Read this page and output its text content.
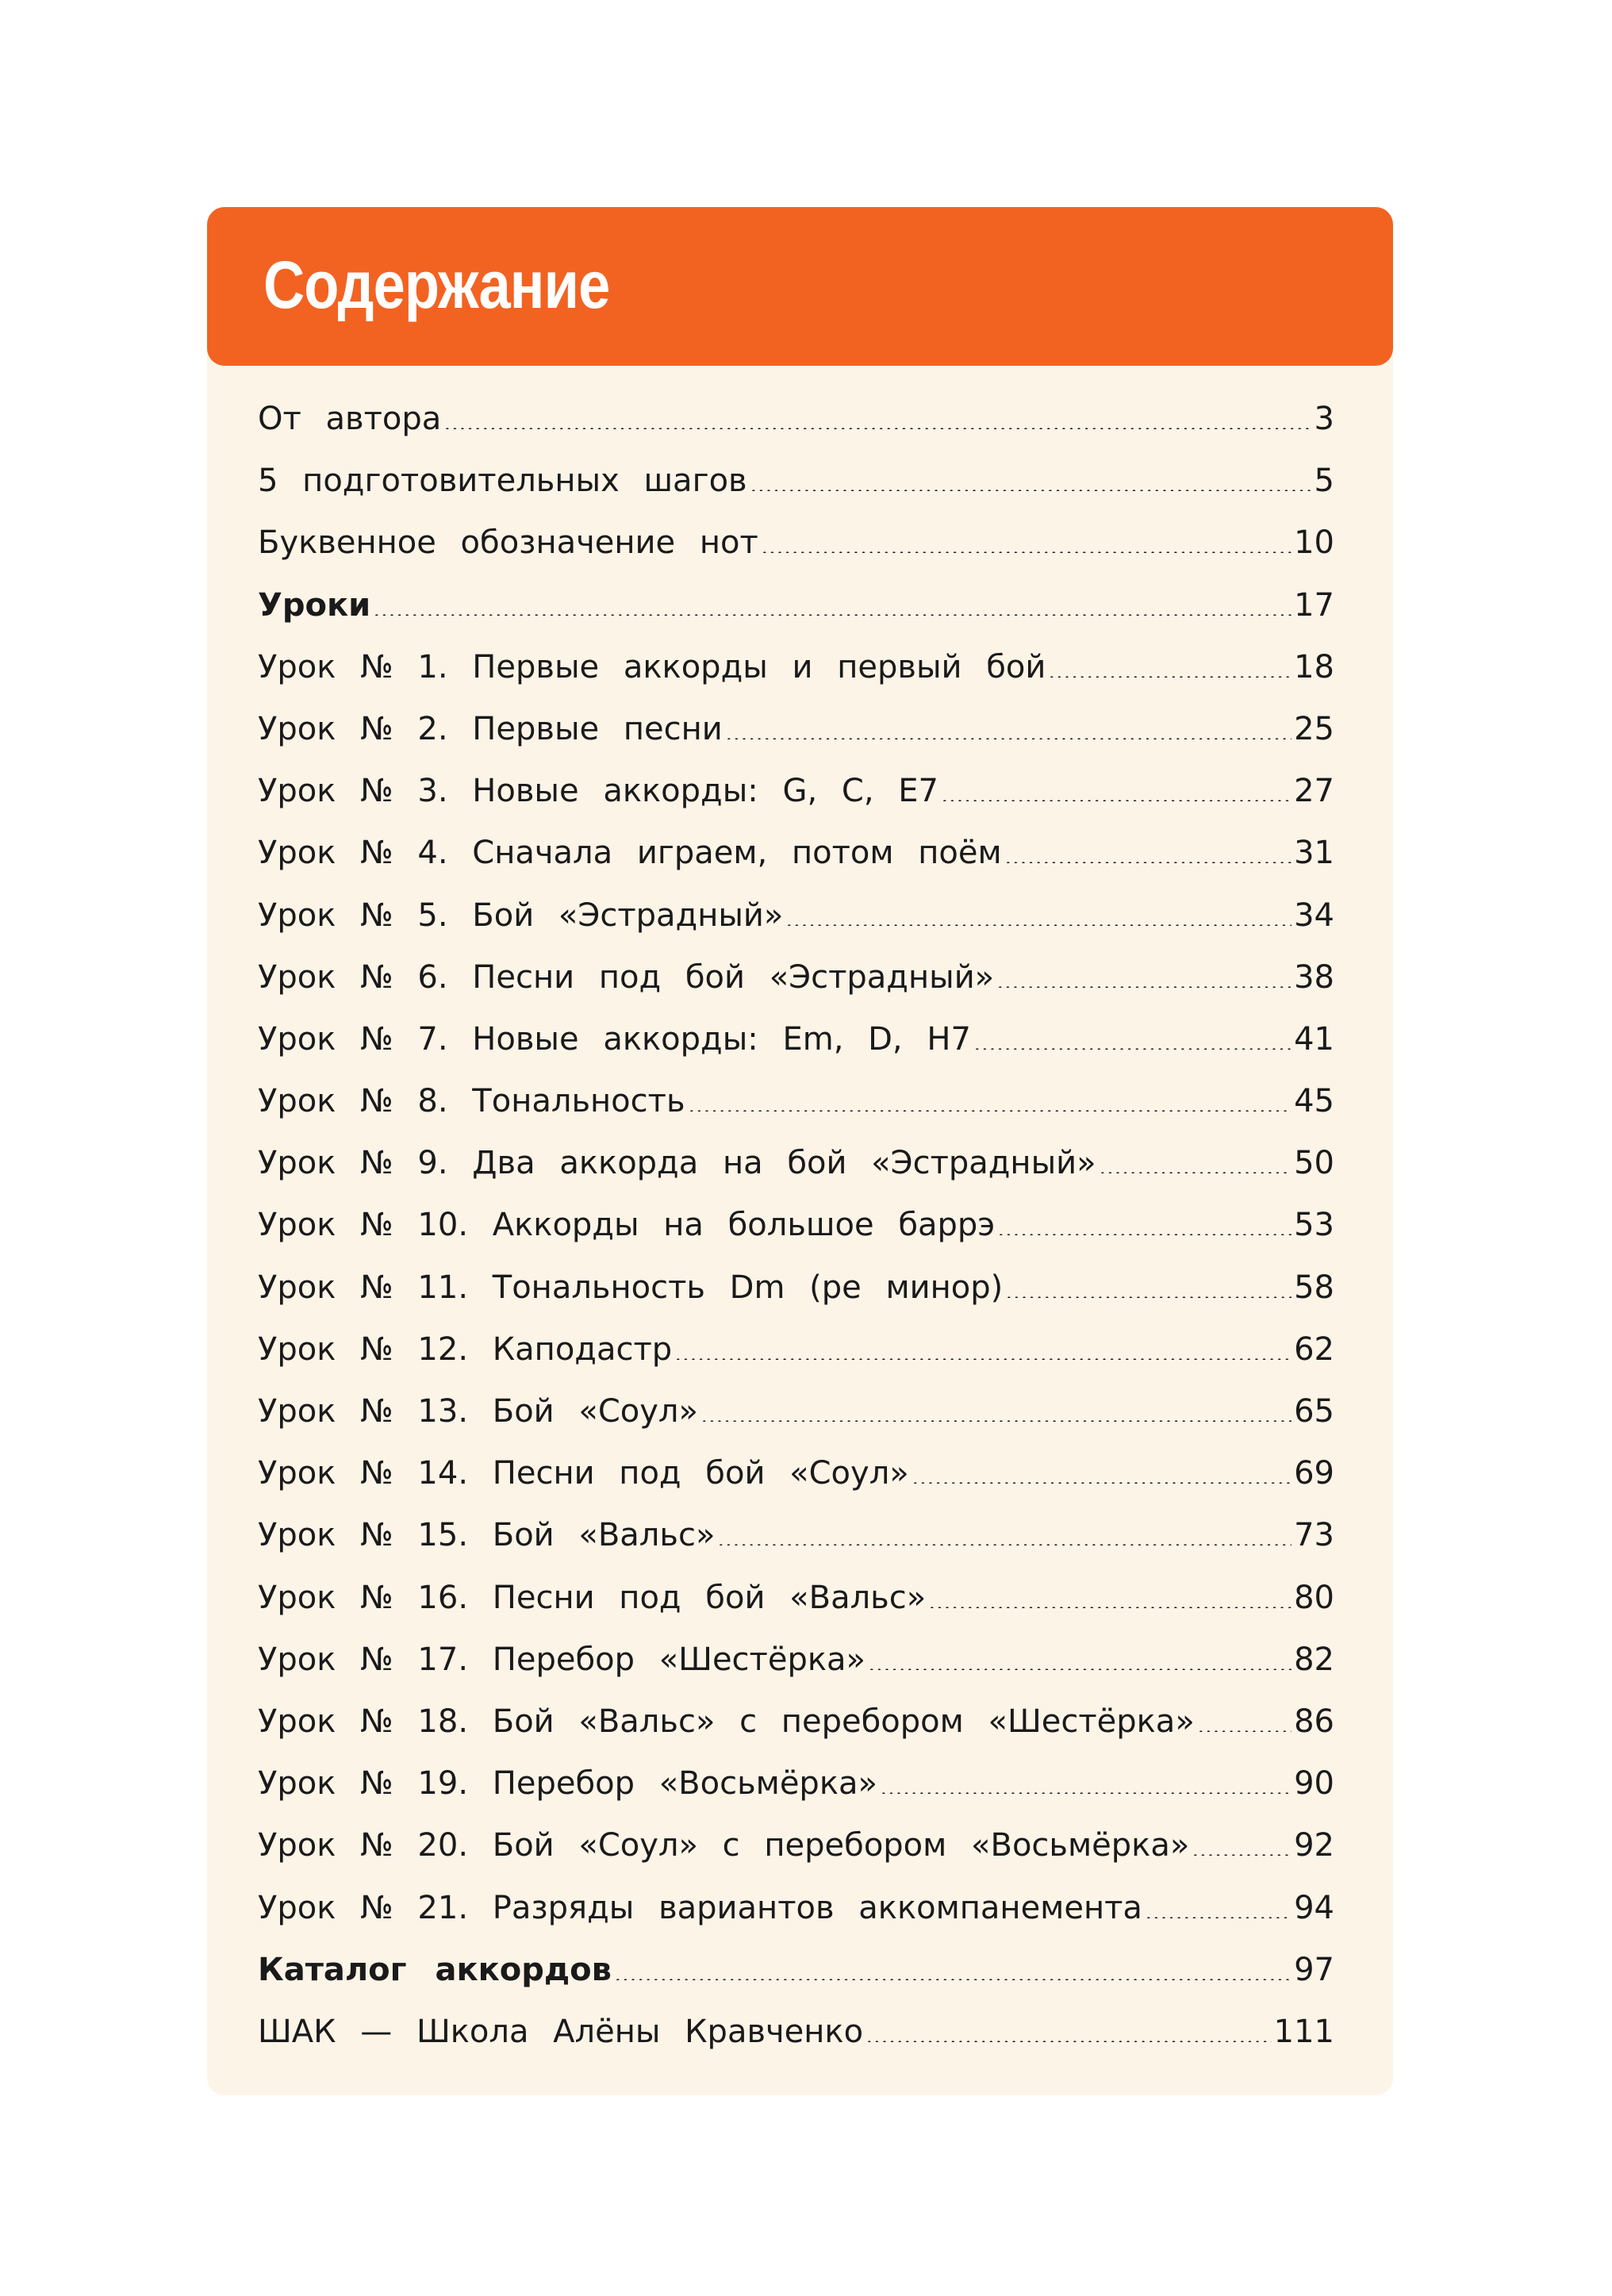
Содержание
От автора	3
5 подготовительных шагов	5
Буквенное обозначение нот	10
Уроки	17
Урок № 1. Первые аккорды и первый бой	18
Урок № 2. Первые песни	25
Урок № 3. Новые аккорды: G, C, E7	27
Урок № 4. Сначала играем, потом поём	31
Урок № 5. Бой «Эстрадный»	34
Урок № 6. Песни под бой «Эстрадный»	38
Урок № 7. Новые аккорды: Em, D, H7	41
Урок № 8. Тональность	45
Урок № 9. Два аккорда на бой «Эстрадный»	50
Урок № 10. Аккорды на большое баррэ	53
Урок № 11. Тональность Dm (ре минор)	58
Урок № 12. Каподастр	62
Урок № 13. Бой «Соул»	65
Урок № 14. Песни под бой «Соул»	69
Урок № 15. Бой «Вальс»	73
Урок № 16. Песни под бой «Вальс»	80
Урок № 17. Перебор «Шестёрка»	82
Урок № 18. Бой «Вальс» с перебором «Шестёрка»	86
Урок № 19. Перебор «Восьмёрка»	90
Урок № 20. Бой «Соул» с перебором «Восьмёрка»	92
Урок № 21. Разряды вариантов аккомпанемента	94
Каталог аккордов	97
ШАК — Школа Алёны Кравченко	111
